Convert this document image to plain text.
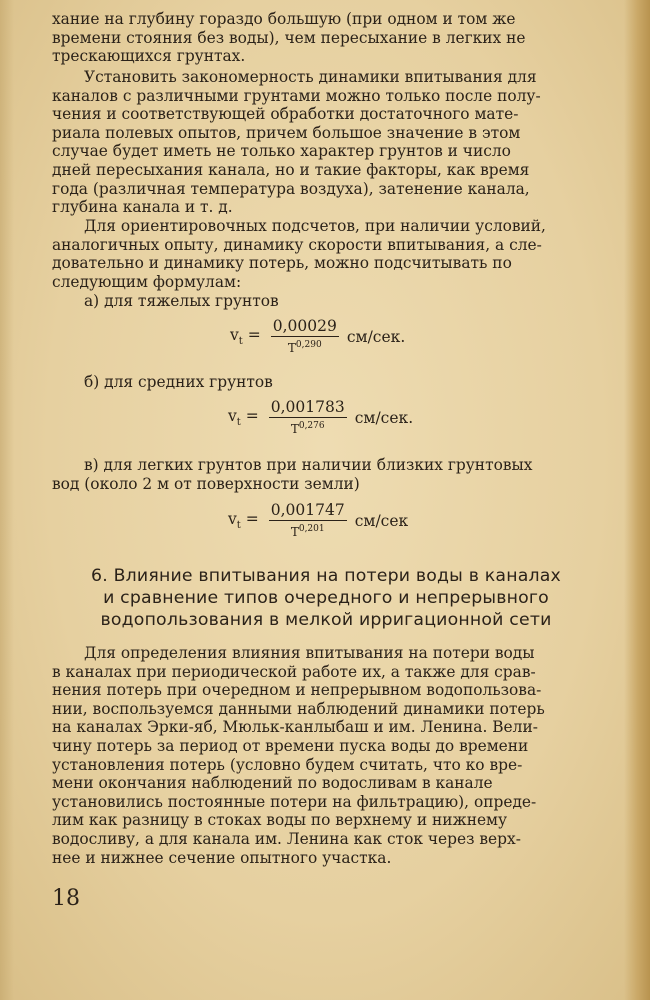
хание на глубину гораздо большую (при одном и том же

времени стояния без воды), чем пересыхание в легких не

трескающихся грунтах.

Установить закономерность динамики впитывания для

каналов с различными грунтами можно только после полу-

чения и соответствующей обработки достаточного мате-

риала полевых опытов, причем большое значение в этом

случае будет иметь не только характер грунтов и число

дней пересыхания канала, но и такие факторы, как время

года (различная температура воздуха), затенение канала,

глубина канала и т. д.

Для ориентировочных подсчетов, при наличии условий,

аналогичных опыту, динамику скорости впитывания, а сле-

довательно и динамику потерь, можно подсчитывать по

следующим формулам:

а) для тяжелых грунтов

$v_t = \frac{0,00029}{T^{0,290}} см/сек$.

б) для средних грунтов

$v_t = \frac{0,001783}{T^{0,276}} см/сек$.

в) для легких грунтов при наличии близких грунтовых

вод (около 2 м от поверхности земли)

$v_t = \frac{0,001747}{T^{0,201}} см/сек$
6. Влияние впитывания на потери воды в каналах
и сравнение типов очередного и непрерывного
водопользования в мелкой ирригационной сети

Для определения влияния впитывания на потери воды

в каналах при периодической работе их, а также для срав-

нения потерь при очередном и непрерывном водопользова-

нии, воспользуемся данными наблюдений динамики потерь

на каналах Эрки-яб, Мюльк-канлыбаш и им. Ленина. Вели-

чину потерь за период от времени пуска воды до времени

установления потерь (условно будем считать, что ко вре-

мени окончания наблюдений по водосливам в канале

установились постоянные потери на фильтрацию), опреде-

лим как разницу в стоках воды по верхнему и нижнему

водосливу, а для канала им. Ленина как сток через верх-

нее и нижнее сечение опытного участка.

18
